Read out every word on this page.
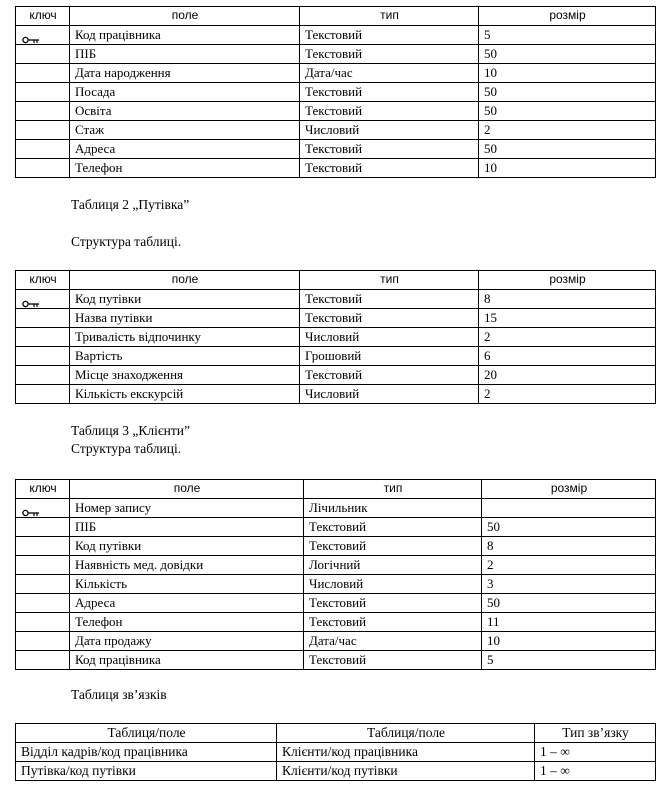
ключ	поле	тип	розмір
	Код працівника	Текстовий	5
	ПІБ	Текстовий	50
	Дата народження	Дата/час	10
	Посада	Текстовий	50
	Освіта	Текстовий	50
	Стаж	Числовий	2
	Адреса	Текстовий	50
	Телефон	Текстовий	10
Таблиця 2 „Путівка”
Структура таблиці.
ключ	поле	тип	розмір
	Код путівки	Текстовий	8
	Назва путівки	Текстовий	15
	Тривалість відпочинку	Числовий	2
	Вартість	Грошовий	6
	Місце знаходження	Текстовий	20
	Кількість екскурсій	Числовий	2
Таблиця 3 „Клієнти”
Структура таблиці.
ключ	поле	тип	розмір
	Номер запису	Лічильник	
	ПІБ	Текстовий	50
	Код путівки	Текстовий	8
	Наявність мед. довідки	Логічний	2
	Кількість	Числовий	3
	Адреса	Текстовий	50
	Телефон	Текстовий	11
	Дата продажу	Дата/час	10
	Код працівника	Текстовий	5
Таблиця зв’язків
Таблиця/поле	Таблиця/поле	Тип зв’язку
Відділ кадрів/код працівника	Клієнти/код працівника	1 – ∞
Путівка/код путівки	Клієнти/код путівки	1 – ∞
